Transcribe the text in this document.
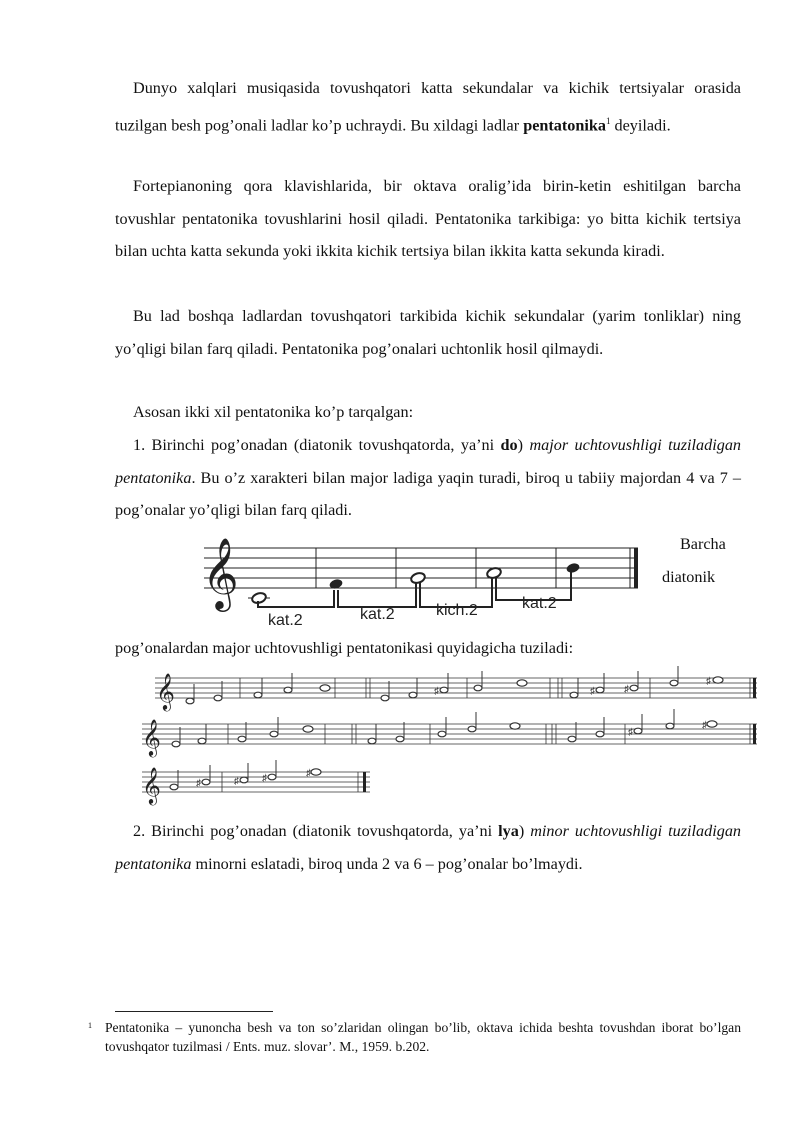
Dunyo xalqlari musiqasida tovushqatori katta sekundalar va kichik tertsiyalar orasida tuzilgan besh pog’onali ladlar ko’p uchraydi. Bu xildagi ladlar pentatonika$^1$ deyiladi.

Fortepianoning qora klavishlarida, bir oktava oralig’ida birin-ketin eshitilgan barcha tovushlar pentatonika tovushlarini hosil qiladi. Pentatonika tarkibiga: yo bitta kichik tertsiya bilan uchta katta sekunda yoki ikkita kichik tertsiya bilan ikkita katta sekunda kiradi.

Bu lad boshqa ladlardan tovushqatori tarkibida kichik sekundalar (yarim tonliklar) ning yo’qligi bilan farq qiladi. Pentatonika pog’onalari uchtonlik hosil qilmaydi.

Asosan ikki xil pentatonika ko’p tarqalgan:

1. Birinchi pog’onadan (diatonik tovushqatorda, ya’ni do) major uchtovushligi tuziladigan pentatonika. Bu o’z xarakteri bilan major ladiga yaqin turadi, biroq u tabiiy majordan 4 va 7 – pog’onalar yo’qligi bilan farq qiladi.

Barcha
diatonik
𝄞
kat.2	kat.2	kich.2	kat.2

pog’onalardan major uchtovushligi pentatonikasi quyidagicha tuziladi:

𝄞
𝄞
𝄞
♯	♯	♯
♯
♯
♯
♯	♯ ♯	♯

2. Birinchi pog’onadan (diatonik tovushqatorda, ya’ni lya) minor uchtovushligi tuziladigan pentatonika minorni eslatadi, biroq unda 2 va 6 – pog’onalar bo’lmaydi.

$^1$ Pentatonika – yunoncha besh va ton so’zlaridan olingan bo’lib, oktava ichida beshta tovushdan iborat bo’lgan tovushqator tuzilmasi / Ents. muz. slovar’. M., 1959. b.202.
